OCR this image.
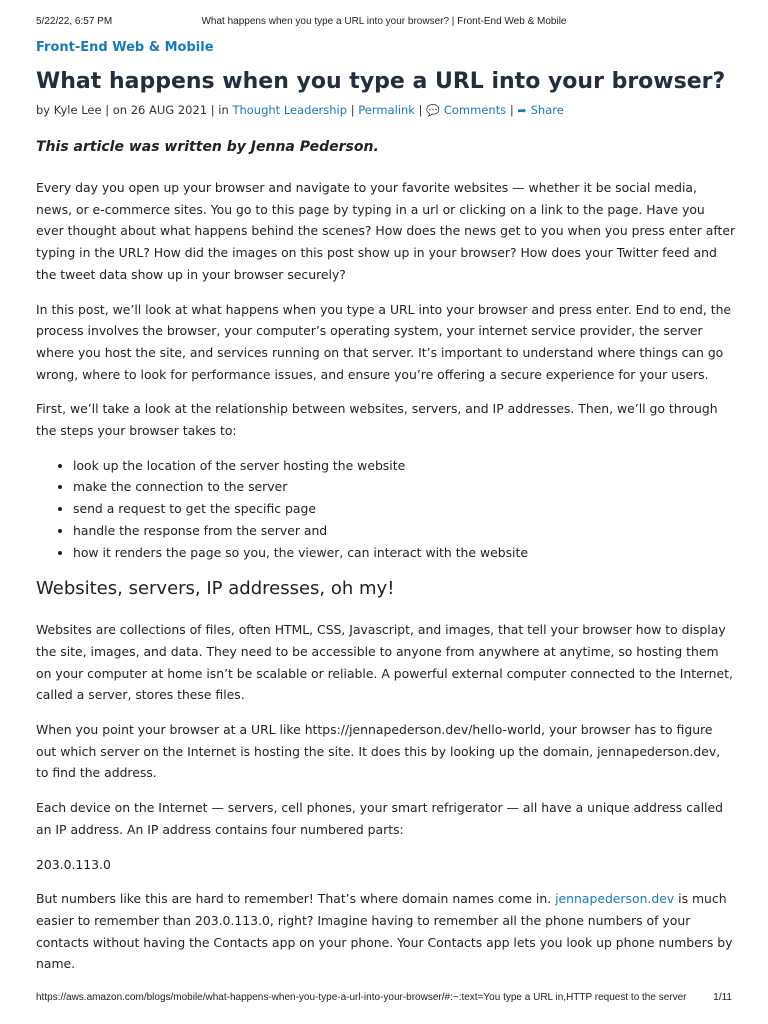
5/22/22, 6:57 PM	What happens when you type a URL into your browser? | Front-End Web & Mobile
Front-End Web & Mobile
What happens when you type a URL into your browser?
by Kyle Lee | on 26 AUG 2021 | in Thought Leadership | Permalink | 💬 Comments | ➦ Share
This article was written by Jenna Pederson.

Every day you open up your browser and navigate to your favorite websites — whether it be social media, news, or e-commerce sites. You go to this page by typing in a url or clicking on a link to the page. Have you ever thought about what happens behind the scenes? How does the news get to you when you press enter after typing in the URL? How did the images on this post show up in your browser? How does your Twitter feed and the tweet data show up in your browser securely?

In this post, we’ll look at what happens when you type a URL into your browser and press enter. End to end, the process involves the browser, your computer’s operating system, your internet service provider, the server where you host the site, and services running on that server. It’s important to understand where things can go wrong, where to look for performance issues, and ensure you’re offering a secure experience for your users.

First, we’ll take a look at the relationship between websites, servers, and IP addresses. Then, we’ll go through the steps your browser takes to:

• look up the location of the server hosting the website
• make the connection to the server
• send a request to get the specific page
• handle the response from the server and
• how it renders the page so you, the viewer, can interact with the website
Websites, servers, IP addresses, oh my!

Websites are collections of files, often HTML, CSS, Javascript, and images, that tell your browser how to display the site, images, and data. They need to be accessible to anyone from anywhere at anytime, so hosting them on your computer at home isn’t be scalable or reliable. A powerful external computer connected to the Internet, called a server, stores these files.

When you point your browser at a URL like https://jennapederson.dev/hello-world, your browser has to figure out which server on the Internet is hosting the site. It does this by looking up the domain, jennapederson.dev, to find the address.

Each device on the Internet — servers, cell phones, your smart refrigerator — all have a unique address called an IP address. An IP address contains four numbered parts:

203.0.113.0

But numbers like this are hard to remember! That’s where domain names come in. jennapederson.dev is much easier to remember than 203.0.113.0, right? Imagine having to remember all the phone numbers of your contacts without having the Contacts app on your phone. Your Contacts app lets you look up phone numbers by name.

https://aws.amazon.com/blogs/mobile/what-happens-when-you-type-a-url-into-your-browser/#:~:text=You type a URL in,HTTP request to the server	1/11
